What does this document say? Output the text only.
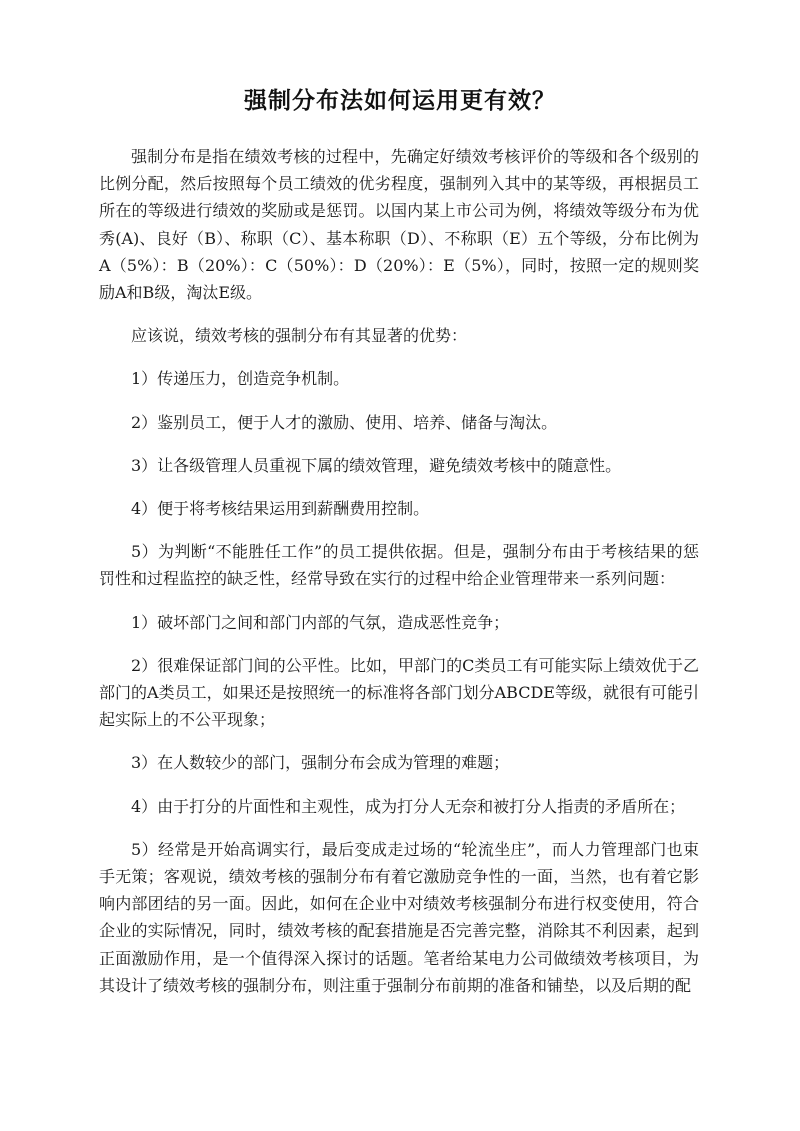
强制分布法如何运用更有效？

强制分布是指在绩效考核的过程中，先确定好绩效考核评价的等级和各个级别的比例分配，然后按照每个员工绩效的优劣程度，强制列入其中的某等级，再根据员工所在的等级进行绩效的奖励或是惩罚。以国内某上市公司为例，将绩效等级分布为优秀(A)、良好（B）、称职（C）、基本称职（D）、不称职（E）五个等级，分布比例为A（5%）：B（20%）：C（50%）：D（20%）：E（5%），同时，按照一定的规则奖励A和B级，淘汰E级。

应该说，绩效考核的强制分布有其显著的优势：

1）传递压力，创造竞争机制。

2）鉴别员工，便于人才的激励、使用、培养、储备与淘汰。

3）让各级管理人员重视下属的绩效管理，避免绩效考核中的随意性。

4）便于将考核结果运用到薪酬费用控制。

5）为判断“不能胜任工作”的员工提供依据。但是，强制分布由于考核结果的惩罚性和过程监控的缺乏性，经常导致在实行的过程中给企业管理带来一系列问题：

1）破坏部门之间和部门内部的气氛，造成恶性竞争；

2）很难保证部门间的公平性。比如，甲部门的C类员工有可能实际上绩效优于乙部门的A类员工，如果还是按照统一的标准将各部门划分ABCDE等级，就很有可能引起实际上的不公平现象；

3）在人数较少的部门，强制分布会成为管理的难题；

4）由于打分的片面性和主观性，成为打分人无奈和被打分人指责的矛盾所在；

5）经常是开始高调实行，最后变成走过场的“轮流坐庄”，而人力管理部门也束手无策；客观说，绩效考核的强制分布有着它激励竞争性的一面，当然，也有着它影响内部团结的另一面。因此，如何在企业中对绩效考核强制分布进行权变使用，符合企业的实际情况，同时，绩效考核的配套措施是否完善完整，消除其不利因素，起到正面激励作用，是一个值得深入探讨的话题。笔者给某电力公司做绩效考核项目，为其设计了绩效考核的强制分布，则注重于强制分布前期的准备和铺垫，以及后期的配
